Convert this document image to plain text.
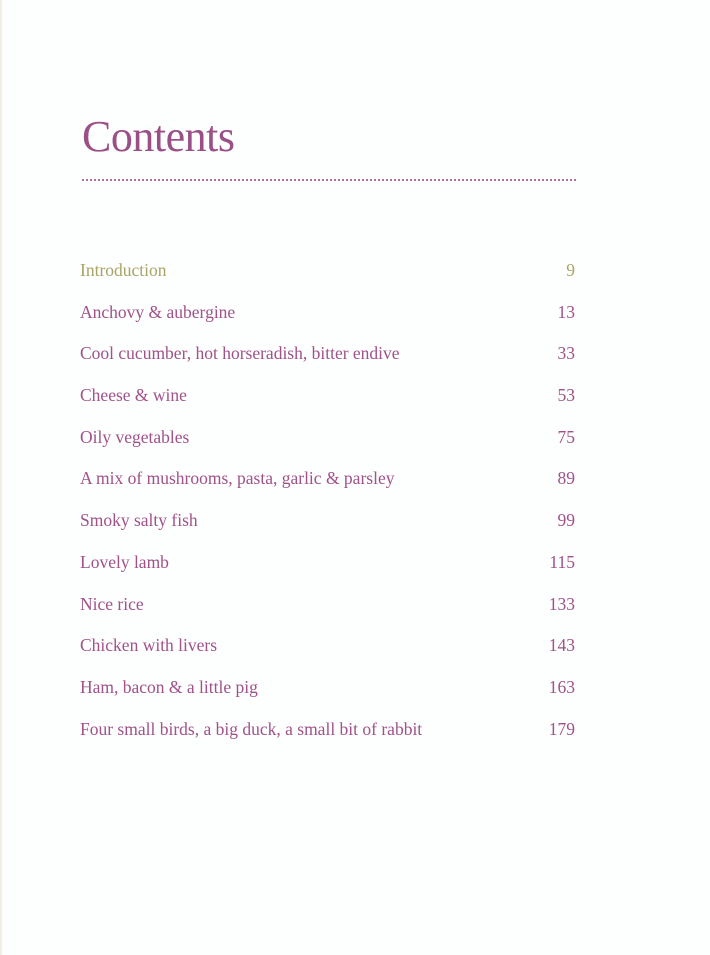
Contents
Introduction	9
Anchovy & aubergine	13
Cool cucumber, hot horseradish, bitter endive	33
Cheese & wine	53
Oily vegetables	75
A mix of mushrooms, pasta, garlic & parsley	89
Smoky salty fish	99
Lovely lamb	115
Nice rice	133
Chicken with livers	143
Ham, bacon & a little pig	163
Four small birds, a big duck, a small bit of rabbit	179
